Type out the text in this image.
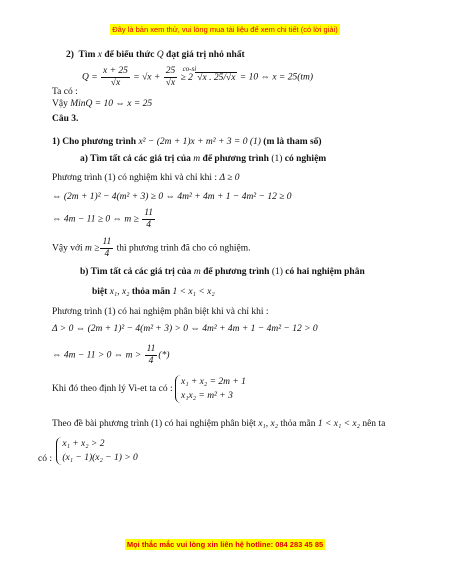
Đây là bản xem thử, vui lòng mua tài liệu để xem chi tiết (có lời giải)
2) Tìm x để biểu thức Q đạt giá trị nhỏ nhất
$Q = \frac{x + 25}{√x} = √x + \frac{25}{√x}$
co-si
≥ 2 √x . 25/√x = 10 ⇔ x = 25(tm)
Ta có :
Vậy MinQ = 10 ⇔ x = 25
Câu 3.
1) Cho phương trình x² − (2m + 1)x + m² + 3 = 0 (1) (m là tham số)
a) Tìm tất cả các giá trị của m để phương trình (1) có nghiệm
Phương trình (1) có nghiệm khi và chỉ khi : Δ ≥ 0
⇔ (2m + 1)² − 4(m² + 3) ≥ 0 ⇔ 4m² + 4m + 1 − 4m² − 12 ≥ 0
⇔ 4m − 11 ≥ 0 ⇔ $m \ge \frac{11}{4}$
Vậy với $m \ge \frac{11}{4}$ thì phương trình đã cho có nghiệm.
b) Tìm tất cả các giá trị của m để phương trình (1) có hai nghiệm phân
biệt x₁, x₂ thỏa mãn 1 < x₁ < x₂
Phương trình (1) có hai nghiệm phân biệt khi và chỉ khi :
Δ > 0 ⇔ (2m + 1)² − 4(m² + 3) > 0 ⇔ 4m² + 4m + 1 − 4m² − 12 > 0
⇔ 4m − 11 > 0 ⇔ $m > \frac{11}{4}$ (*)
Khi đó theo định lý Vi-et ta có :
x₁ + x₂ = 2m + 1
x₁x₂ = m² + 3
Theo đề bài phương trình (1) có hai nghiệm phân biệt x₁, x₂ thỏa mãn 1 < x₁ < x₂ nên ta
có :
x₁ + x₂ > 2
(x₁ − 1)(x₂ − 1) > 0
Mọi thắc mắc vui lòng xin liên hệ hotline: 084 283 45 85
